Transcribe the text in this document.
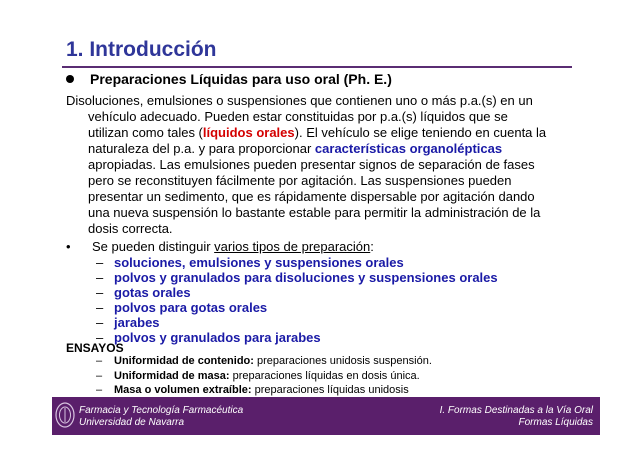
1. Introducción
Preparaciones Líquidas para uso oral (Ph. E.)
Disoluciones, emulsiones o suspensiones que contienen uno o más p.a.(s) en un
vehículo adecuado. Pueden estar constituidas por p.a.(s) líquidos que se
utilizan como tales (líquidos orales). El vehículo se elige teniendo en cuenta la
naturaleza del p.a. y para proporcionar características organolépticas
apropiadas. Las emulsiones pueden presentar signos de separación de fases
pero se reconstituyen fácilmente por agitación. Las suspensiones pueden
presentar un sedimento, que es rápidamente dispersable por agitación dando
una nueva suspensión lo bastante estable para permitir la administración de la
dosis correcta.
• Se pueden distinguir varios tipos de preparación:
– soluciones, emulsiones y suspensiones orales
– polvos y granulados para disoluciones y suspensiones orales
– gotas orales
– polvos para gotas orales
– jarabes
– polvos y granulados para jarabes
ENSAYOS
– Uniformidad de contenido: preparaciones unidosis suspensión.
– Uniformidad de masa: preparaciones líquidas en dosis única.
– Masa o volumen extraíble: preparaciones líquidas unidosis
Farmacia y Tecnología Farmacéutica
Universidad de Navarra
I. Formas Destinadas a la Vía Oral
Formas Líquidas
